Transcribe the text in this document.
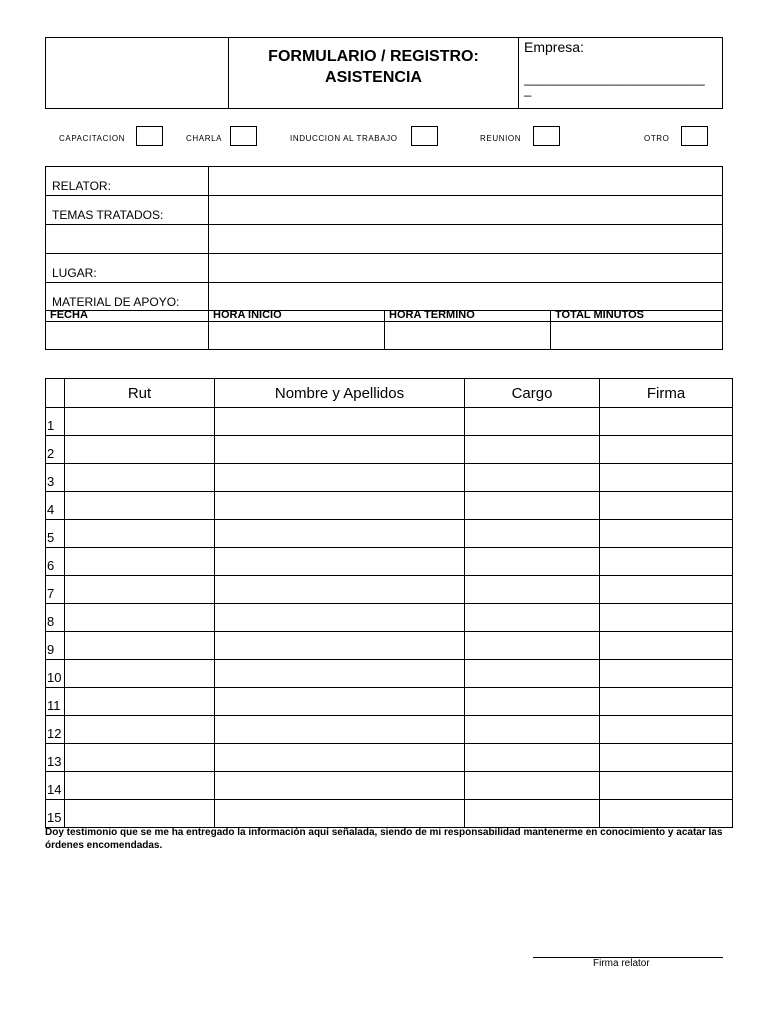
FORMULARIO / REGISTRO:
ASISTENCIA
Empresa:
_________________________
_
CAPACITACION	CHARLA	INDUCCION AL TRABAJO	REUNION	OTRO
RELATOR:
TEMAS TRATADOS:
LUGAR:
MATERIAL DE APOYO:
FECHA	HORA INICIO	HORA TERMINO	TOTAL MINUTOS
	Rut	Nombre y Apellidos	Cargo	Firma
1				
2				
3				
4				
5				
6				
7				
8				
9				
10				
11				
12				
13				
14				
15				
Doy testimonio que se me ha entregado la información aquí señalada, siendo de mi responsabilidad mantenerme en conocimiento y acatar las órdenes encomendadas.
Firma relator
